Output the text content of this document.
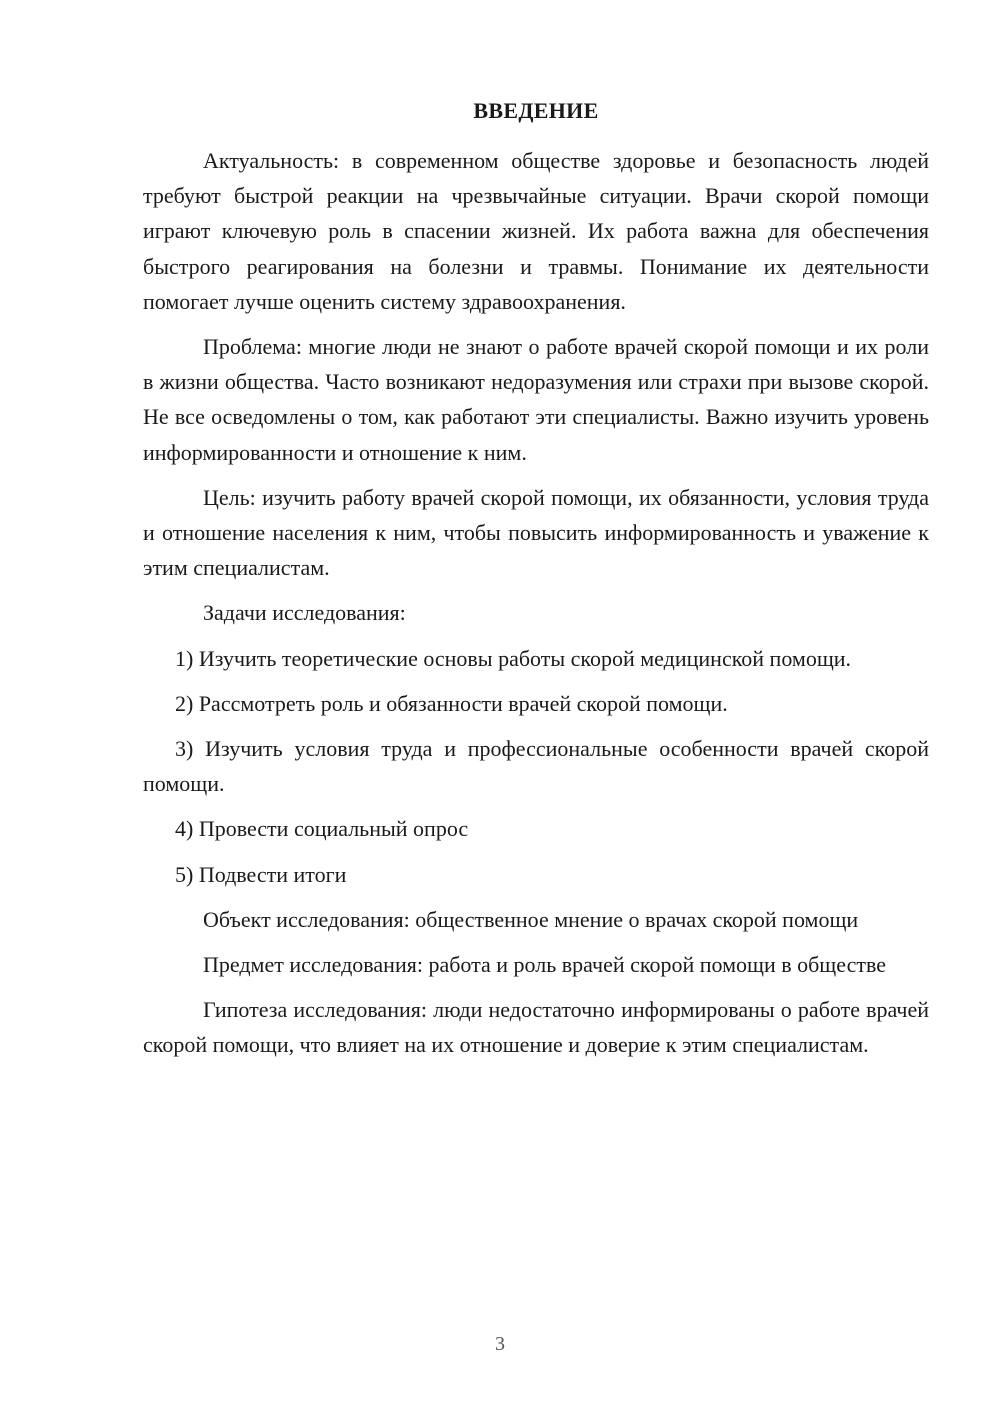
ВВЕДЕНИЕ

Актуальность: в современном обществе здоровье и безопасность людей требуют быстрой реакции на чрезвычайные ситуации. Врачи скорой помощи играют ключевую роль в спасении жизней. Их работа важна для обеспечения быстрого реагирования на болезни и травмы. Понимание их деятельности помогает лучше оценить систему здравоохранения.

Проблема: многие люди не знают о работе врачей скорой помощи и их роли в жизни общества. Часто возникают недоразумения или страхи при вызове скорой. Не все осведомлены о том, как работают эти специалисты. Важно изучить уровень информированности и отношение к ним.

Цель: изучить работу врачей скорой помощи, их обязанности, условия труда и отношение населения к ним, чтобы повысить информированность и уважение к этим специалистам.

Задачи исследования:

1) Изучить теоретические основы работы скорой медицинской помощи.

2) Рассмотреть роль и обязанности врачей скорой помощи.

3) Изучить условия труда и профессиональные особенности врачей скорой помощи.

4) Провести социальный опрос

5) Подвести итоги

Объект исследования: общественное мнение о врачах скорой помощи

Предмет исследования: работа и роль врачей скорой помощи в обществе

Гипотеза исследования: люди недостаточно информированы о работе врачей скорой помощи, что влияет на их отношение и доверие к этим специалистам.

3
